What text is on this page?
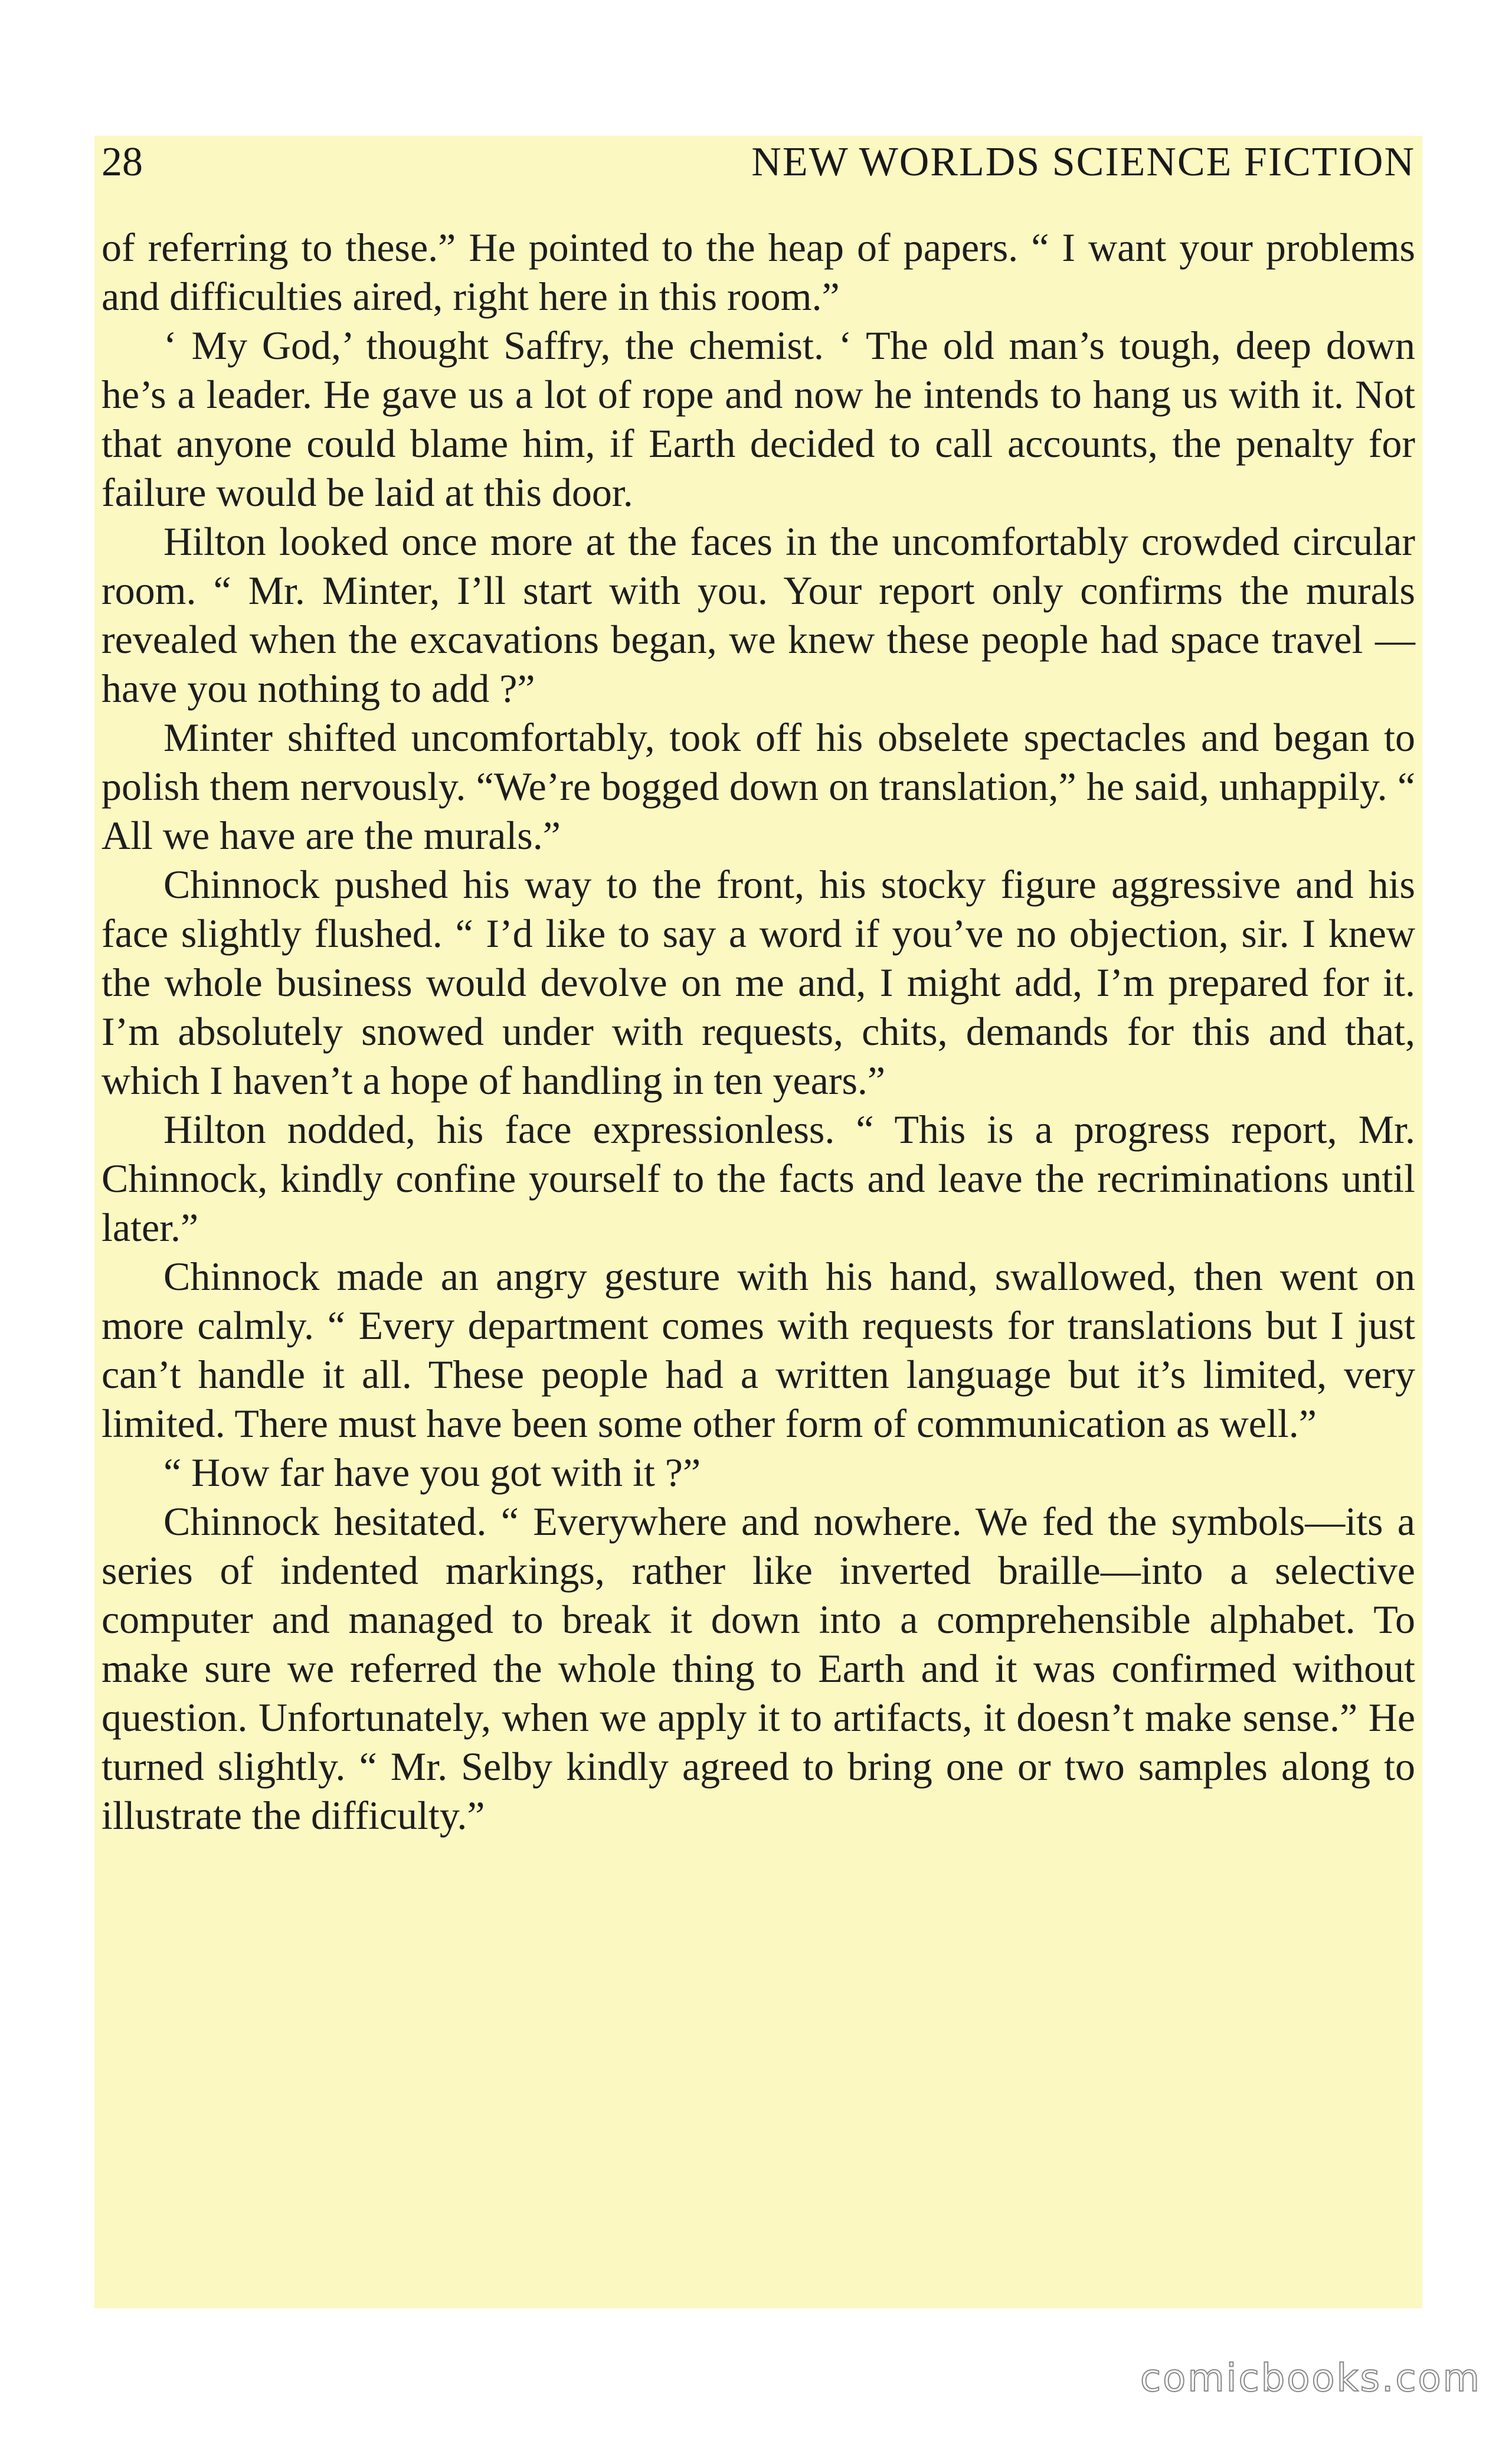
28	NEW WORLDS SCIENCE FICTION

of referring to these.” He pointed to the heap of papers. “ I want your problems and difficulties aired, right here in this room.”

‘ My God,’ thought Saffry, the chemist. ‘ The old man’s tough, deep down he’s a leader. He gave us a lot of rope and now he intends to hang us with it. Not that anyone could blame him, if Earth decided to call accounts, the penalty for failure would be laid at this door.

Hilton looked once more at the faces in the uncomfortably crowded circular room. “ Mr. Minter, I’ll start with you. Your report only confirms the murals revealed when the excavations began, we knew these people had space travel —have you nothing to add ?”

Minter shifted uncomfortably, took off his obselete spectacles and began to polish them nervously. “We’re bogged down on translation,” he said, unhappily. “ All we have are the murals.”

Chinnock pushed his way to the front, his stocky figure aggressive and his face slightly flushed. “ I’d like to say a word if you’ve no objection, sir. I knew the whole business would devolve on me and, I might add, I’m prepared for it. I’m absolutely snowed under with requests, chits, demands for this and that, which I haven’t a hope of handling in ten years.”

Hilton nodded, his face expressionless. “ This is a progress report, Mr. Chinnock, kindly confine yourself to the facts and leave the recriminations until later.”

Chinnock made an angry gesture with his hand, swallowed, then went on more calmly. “ Every department comes with requests for translations but I just can’t handle it all. These people had a written language but it’s limited, very limited. There must have been some other form of communication as well.”

“ How far have you got with it ?”

Chinnock hesitated. “ Everywhere and nowhere. We fed the symbols—its a series of indented markings, rather like inverted braille—into a selective computer and managed to break it down into a comprehensible alphabet. To make sure we referred the whole thing to Earth and it was confirmed without question. Unfortunately, when we apply it to artifacts, it doesn’t make sense.” He turned slightly. “ Mr. Selby kindly agreed to bring one or two samples along to illustrate the difficulty.”

comicbooks.com
